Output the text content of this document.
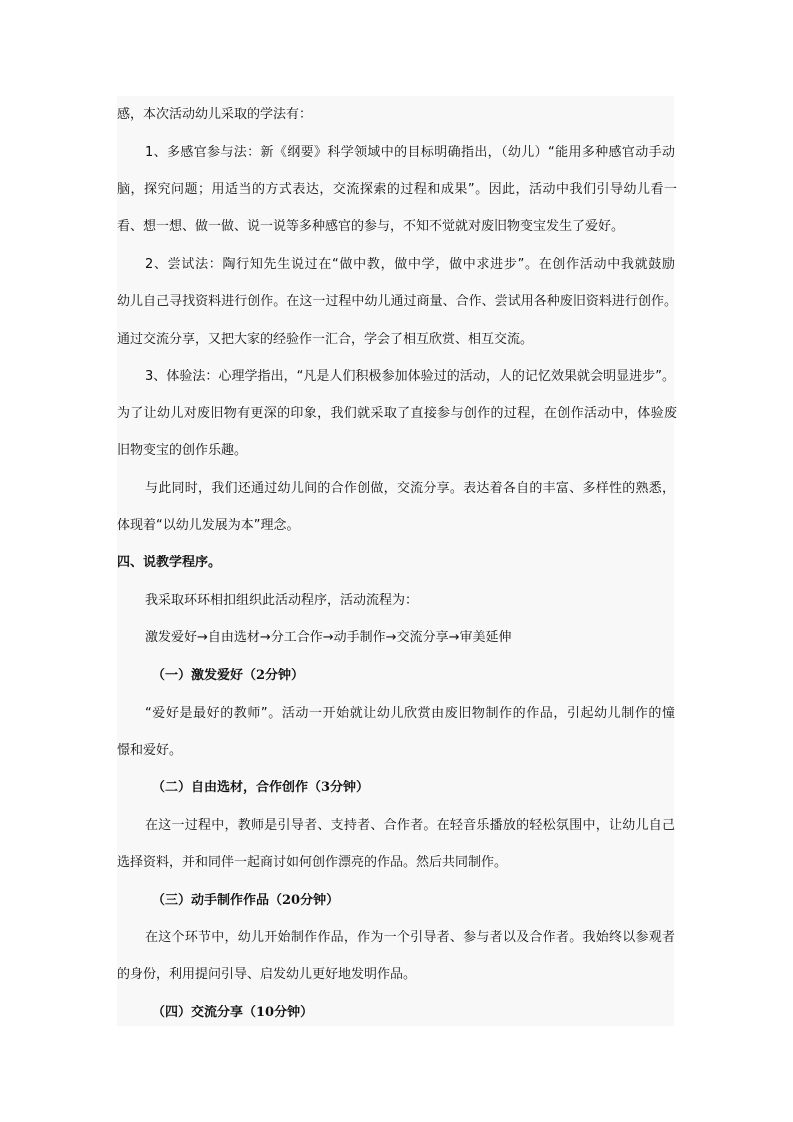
感，本次活动幼儿采取的学法有：
1、多感官参与法：新《纲要》科学领域中的目标明确指出，（幼儿）“能用多种感官动手动
脑，探究问题；用适当的方式表达，交流探索的过程和成果”。因此，活动中我们引导幼儿看一
看、想一想、做一做、说一说等多种感官的参与，不知不觉就对废旧物变宝发生了爱好。
2、尝试法：陶行知先生说过在“做中教，做中学，做中求进步”。在创作活动中我就鼓励
幼儿自己寻找资料进行创作。在这一过程中幼儿通过商量、合作、尝试用各种废旧资料进行创作。
通过交流分享，又把大家的经验作一汇合，学会了相互欣赏、相互交流。
3、体验法：心理学指出，“凡是人们积极参加体验过的活动，人的记忆效果就会明显进步”。
为了让幼儿对废旧物有更深的印象，我们就采取了直接参与创作的过程，在创作活动中，体验废
旧物变宝的创作乐趣。
与此同时，我们还通过幼儿间的合作创做，交流分享。表达着各自的丰富、多样性的熟悉，
体现着“以幼儿发展为本”理念。
四、说教学程序。
我采取环环相扣组织此活动程序，活动流程为：
激发爱好→自由选材→分工合作→动手制作→交流分享→审美延伸
（一）激发爱好（2分钟）
“爱好是最好的教师”。活动一开始就让幼儿欣赏由废旧物制作的作品，引起幼儿制作的憧
憬和爱好。
（二）自由选材，合作创作（3分钟）
在这一过程中，教师是引导者、支持者、合作者。在轻音乐播放的轻松氛围中，让幼儿自己
选择资料，并和同伴一起商讨如何创作漂亮的作品。然后共同制作。
（三）动手制作作品（20分钟）
在这个环节中，幼儿开始制作作品，作为一个引导者、参与者以及合作者。我始终以参观者
的身份，利用提问引导、启发幼儿更好地发明作品。
（四）交流分享（10分钟）
